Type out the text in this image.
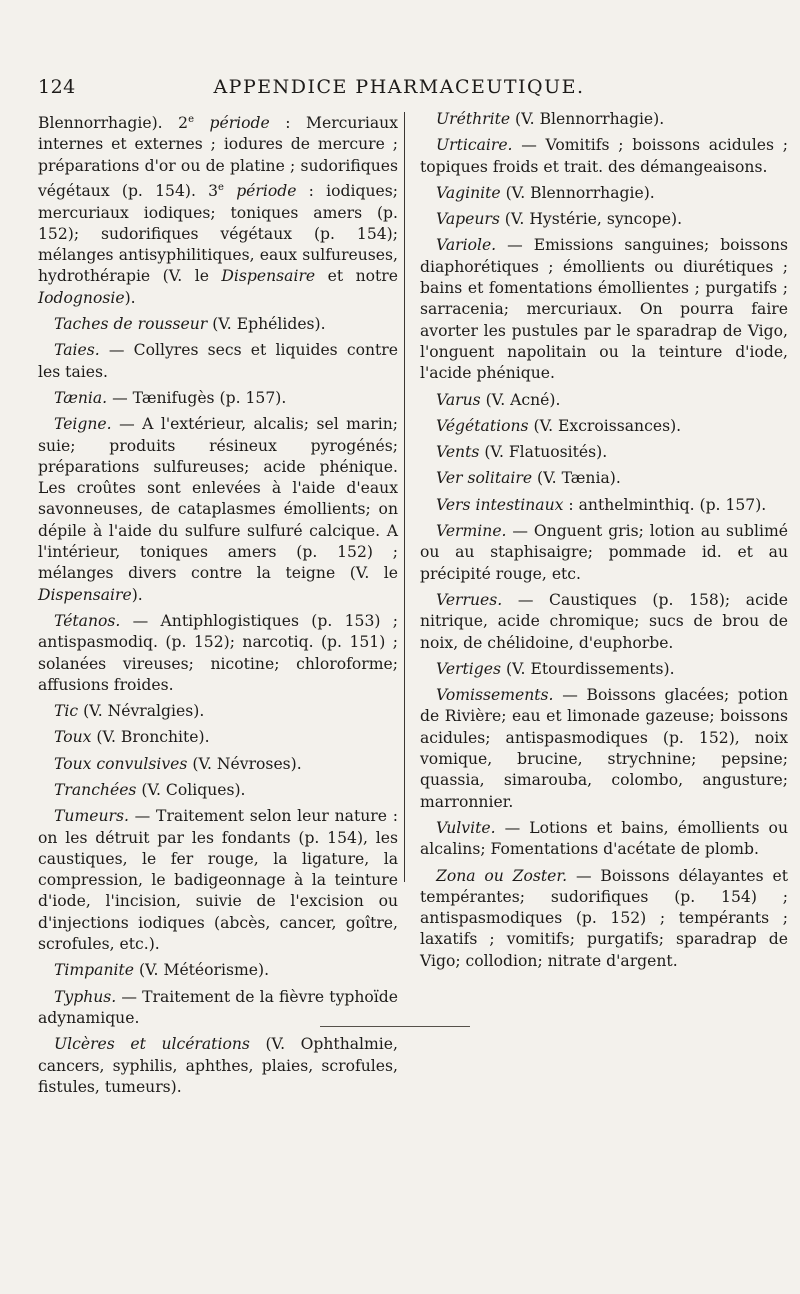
124	APPENDICE PHARMACEUTIQUE.

Blennorrhagie). 2e période : Mercuriaux internes et externes ; iodures de mercure ; préparations d'or ou de platine ; sudorifiques végétaux (p. 154). 3e période : iodiques; mercuriaux iodiques; toniques amers (p. 152); sudorifiques végétaux (p. 154); mélanges antisyphilitiques, eaux sulfureuses, hydrothérapie (V. le Dispensaire et notre Iodognosie).

Taches de rousseur (V. Ephélides).

Taies. — Collyres secs et liquides contre les taies.

Tænia. — Tænifugès (p. 157).

Teigne. — A l'extérieur, alcalis; sel marin; suie; produits résineux pyrogénés; préparations sulfureuses; acide phénique. Les croûtes sont enlevées à l'aide d'eaux savonneuses, de cataplasmes émollients; on dépile à l'aide du sulfure sulfuré calcique. A l'intérieur, toniques amers (p. 152) ; mélanges divers contre la teigne (V. le Dispensaire).

Tétanos. — Antiphlogistiques (p. 153) ; antispasmodiq. (p. 152); narcotiq. (p. 151) ; solanées vireuses; nicotine; chloroforme; affusions froides.

Tic (V. Névralgies).

Toux (V. Bronchite).

Toux convulsives (V. Névroses).

Tranchées (V. Coliques).

Tumeurs. — Traitement selon leur nature : on les détruit par les fondants (p. 154), les caustiques, le fer rouge, la ligature, la compression, le badigeonnage à la teinture d'iode, l'incision, suivie de l'excision ou d'injections iodiques (abcès, cancer, goître, scrofules, etc.).

Timpanite (V. Météorisme).

Typhus. — Traitement de la fièvre typhoïde adynamique.

Ulcères et ulcérations (V. Ophthalmie, cancers, syphilis, aphthes, plaies, scrofules, fistules, tumeurs).

Uréthrite (V. Blennorrhagie).

Urticaire. — Vomitifs ; boissons acidules ; topiques froids et trait. des démangeaisons.

Vaginite (V. Blennorrhagie).

Vapeurs (V. Hystérie, syncope).

Variole. — Emissions sanguines; boissons diaphorétiques ; émollients ou diurétiques ; bains et fomentations émollientes ; purgatifs ; sarracenia; mercuriaux. On pourra faire avorter les pustules par le sparadrap de Vigo, l'onguent napolitain ou la teinture d'iode, l'acide phénique.

Varus (V. Acné).

Végétations (V. Excroissances).

Vents (V. Flatuosités).

Ver solitaire (V. Tænia).

Vers intestinaux : anthelminthiq. (p. 157).

Vermine. — Onguent gris; lotion au sublimé ou au staphisaigre; pommade id. et au précipité rouge, etc.

Verrues. — Caustiques (p. 158); acide nitrique, acide chromique; sucs de brou de noix, de chélidoine, d'euphorbe.

Vertiges (V. Etourdissements).

Vomissements. — Boissons glacées; potion de Rivière; eau et limonade gazeuse; boissons acidules; antispasmodiques (p. 152), noix vomique, brucine, strychnine; pepsine; quassia, simarouba, colombo, angusture; marronnier.

Vulvite. — Lotions et bains, émollients ou alcalins; Fomentations d'acétate de plomb.

Zona ou Zoster. — Boissons délayantes et tempérantes; sudorifiques (p. 154) ; antispasmodiques (p. 152) ; tempérants ; laxatifs ; vomitifs; purgatifs; sparadrap de Vigo; collodion; nitrate d'argent.
